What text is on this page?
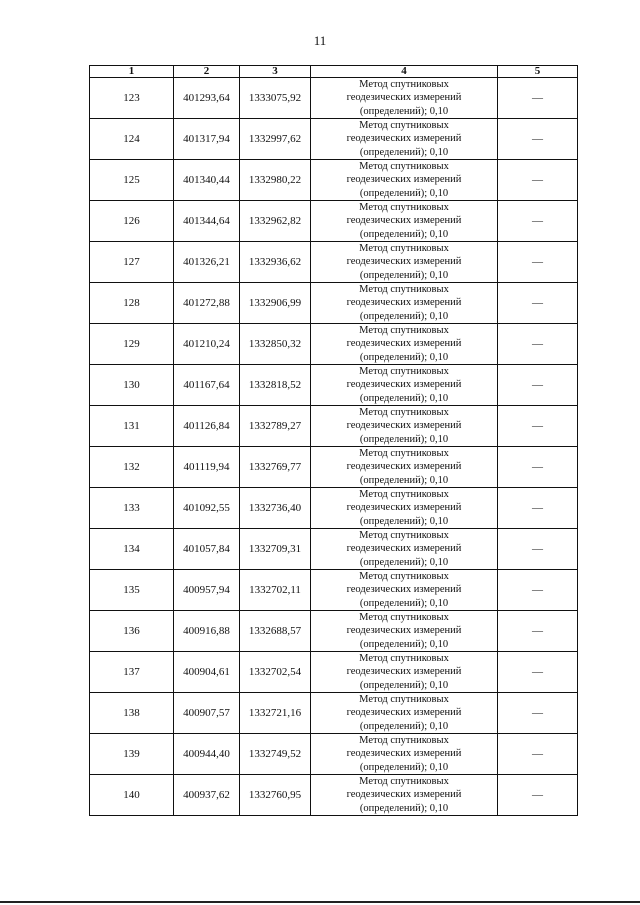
11
1	2	3	4	5
123	401293,64	1333075,92	Метод спутниковых
геодезических измерений
(определений); 0,10	—
124	401317,94	1332997,62	Метод спутниковых
геодезических измерений
(определений); 0,10	—
125	401340,44	1332980,22	Метод спутниковых
геодезических измерений
(определений); 0,10	—
126	401344,64	1332962,82	Метод спутниковых
геодезических измерений
(определений); 0,10	—
127	401326,21	1332936,62	Метод спутниковых
геодезических измерений
(определений); 0,10	—
128	401272,88	1332906,99	Метод спутниковых
геодезических измерений
(определений); 0,10	—
129	401210,24	1332850,32	Метод спутниковых
геодезических измерений
(определений); 0,10	—
130	401167,64	1332818,52	Метод спутниковых
геодезических измерений
(определений); 0,10	—
131	401126,84	1332789,27	Метод спутниковых
геодезических измерений
(определений); 0,10	—
132	401119,94	1332769,77	Метод спутниковых
геодезических измерений
(определений); 0,10	—
133	401092,55	1332736,40	Метод спутниковых
геодезических измерений
(определений); 0,10	—
134	401057,84	1332709,31	Метод спутниковых
геодезических измерений
(определений); 0,10	—
135	400957,94	1332702,11	Метод спутниковых
геодезических измерений
(определений); 0,10	—
136	400916,88	1332688,57	Метод спутниковых
геодезических измерений
(определений); 0,10	—
137	400904,61	1332702,54	Метод спутниковых
геодезических измерений
(определений); 0,10	—
138	400907,57	1332721,16	Метод спутниковых
геодезических измерений
(определений); 0,10	—
139	400944,40	1332749,52	Метод спутниковых
геодезических измерений
(определений); 0,10	—
140	400937,62	1332760,95	Метод спутниковых
геодезических измерений
(определений); 0,10	—
